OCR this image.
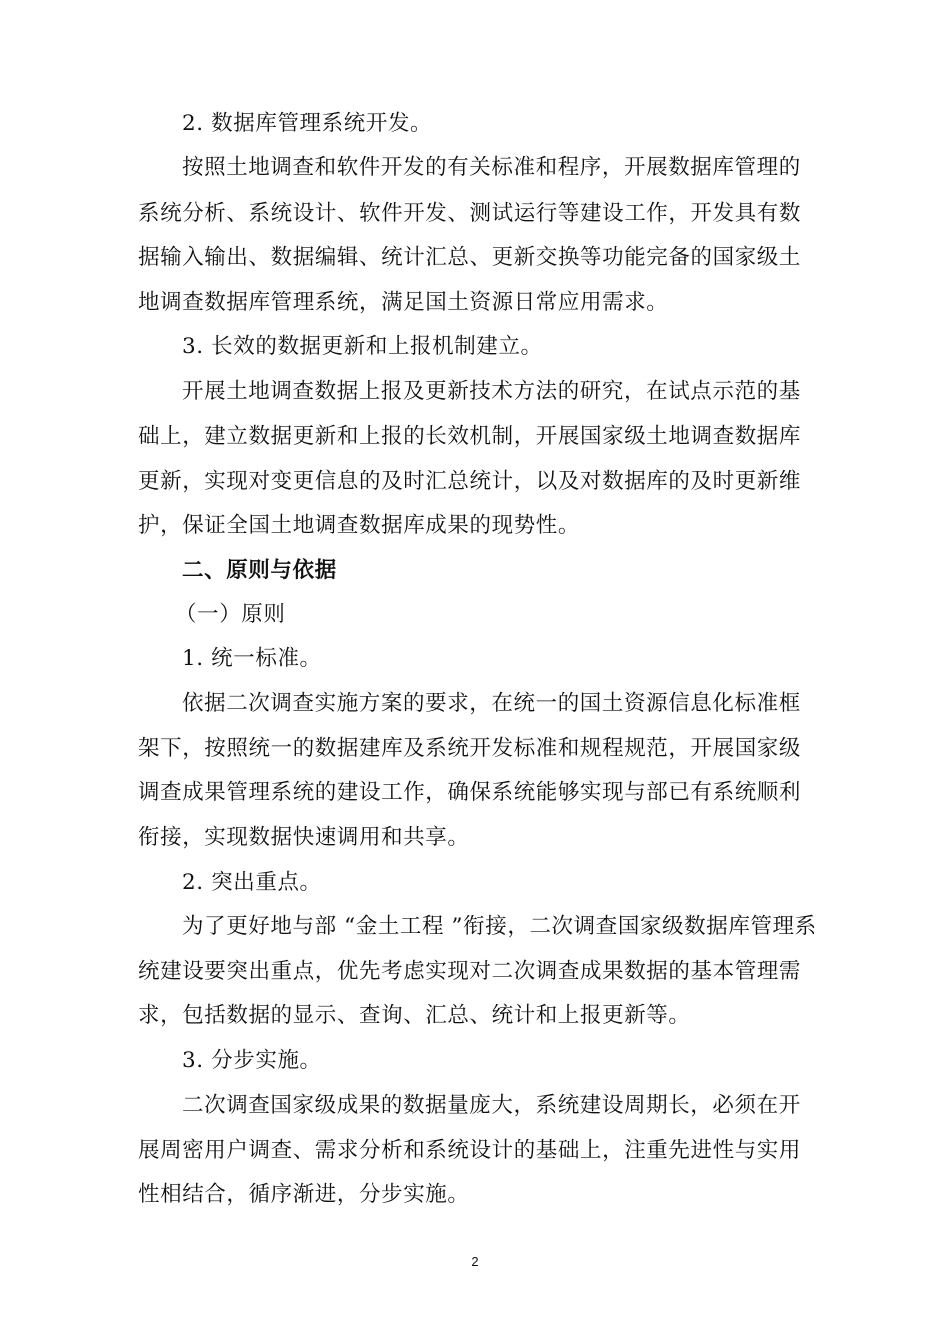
2. 数据库管理系统开发。
按照土地调查和软件开发的有关标准和程序，开展数据库管理的
系统分析、系统设计、软件开发、测试运行等建设工作，开发具有数
据输入输出、数据编辑、统计汇总、更新交换等功能完备的国家级土
地调查数据库管理系统，满足国土资源日常应用需求。
3. 长效的数据更新和上报机制建立。
开展土地调查数据上报及更新技术方法的研究，在试点示范的基
础上，建立数据更新和上报的长效机制，开展国家级土地调查数据库
更新，实现对变更信息的及时汇总统计，以及对数据库的及时更新维
护，保证全国土地调查数据库成果的现势性。
二、原则与依据
（一）原则
1. 统一标准。
依据二次调查实施方案的要求，在统一的国土资源信息化标准框
架下，按照统一的数据建库及系统开发标准和规程规范，开展国家级
调查成果管理系统的建设工作，确保系统能够实现与部已有系统顺利
衔接，实现数据快速调用和共享。
2. 突出重点。
为了更好地与部 “金土工程 ”衔接，二次调查国家级数据库管理系
统建设要突出重点，优先考虑实现对二次调查成果数据的基本管理需
求，包括数据的显示、查询、汇总、统计和上报更新等。
3. 分步实施。
二次调查国家级成果的数据量庞大，系统建设周期长，必须在开
展周密用户调查、需求分析和系统设计的基础上，注重先进性与实用
性相结合，循序渐进，分步实施。
2
